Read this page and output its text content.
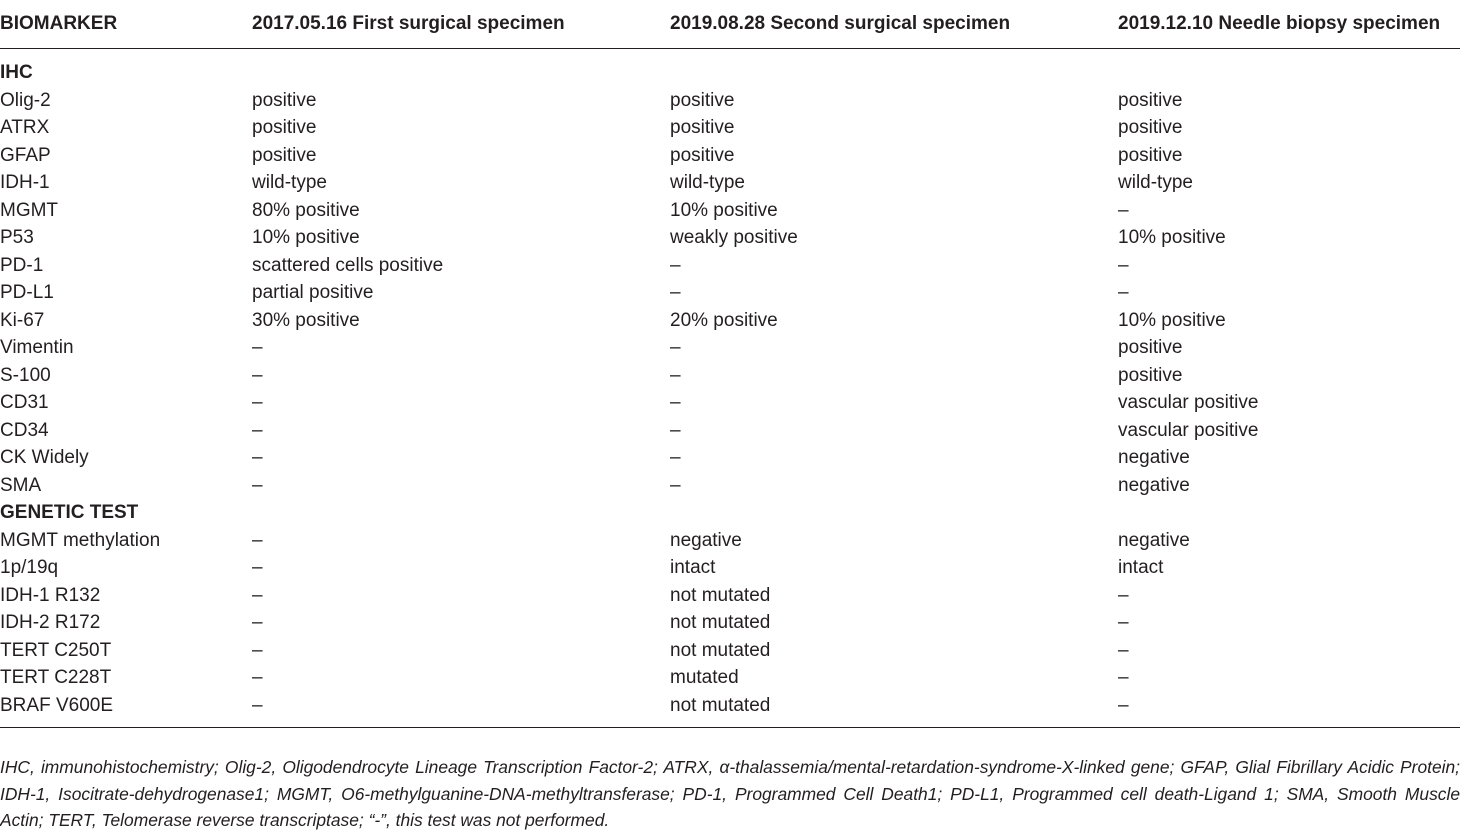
BIOMARKER	2017.05.16 First surgical specimen	2019.08.28 Second surgical specimen	2019.12.10 Needle biopsy specimen
IHC			
Olig-2	positive	positive	positive
ATRX	positive	positive	positive
GFAP	positive	positive	positive
IDH-1	wild-type	wild-type	wild-type
MGMT	80% positive	10% positive	–
P53	10% positive	weakly positive	10% positive
PD-1	scattered cells positive	–	–
PD-L1	partial positive	–	–
Ki-67	30% positive	20% positive	10% positive
Vimentin	–	–	positive
S-100	–	–	positive
CD31	–	–	vascular positive
CD34	–	–	vascular positive
CK Widely	–	–	negative
SMA	–	–	negative
GENETIC TEST			
MGMT methylation	–	negative	negative
1p/19q	–	intact	intact
IDH-1 R132	–	not mutated	–
IDH-2 R172	–	not mutated	–
TERT C250T	–	not mutated	–
TERT C228T	–	mutated	–
BRAF V600E	–	not mutated	–

IHC, immunohistochemistry; Olig-2, Oligodendrocyte Lineage Transcription Factor-2; ATRX, α-thalassemia/mental-retardation-syndrome-X-linked gene; GFAP, Glial Fibrillary Acidic Protein; IDH-1, Isocitrate-dehydrogenase1; MGMT, O6-methylguanine-DNA-methyltransferase; PD-1, Programmed Cell Death1; PD-L1, Programmed cell death-Ligand 1; SMA, Smooth Muscle Actin; TERT, Telomerase reverse transcriptase; “-”, this test was not performed.
